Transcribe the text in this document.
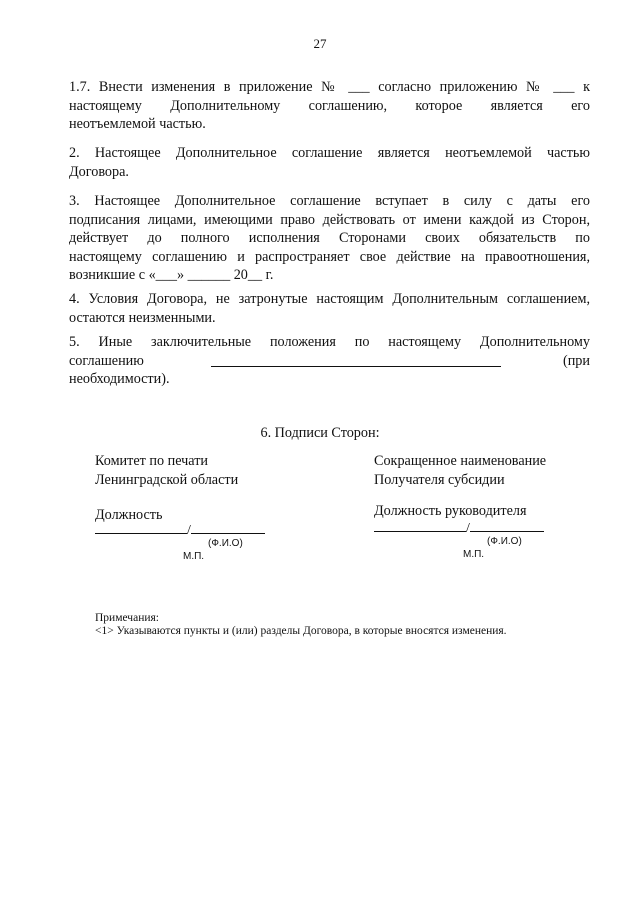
27
1.7. Внести изменения в приложение № ___ согласно приложению № ___ к
настоящему Дополнительному соглашению, которое является его
неотъемлемой частью.
2. Настоящее Дополнительное соглашение является неотъемлемой частью
Договора.
3. Настоящее Дополнительное соглашение вступает в силу с даты его
подписания лицами, имеющими право действовать от имени каждой из Сторон,
действует до полного исполнения Сторонами своих обязательств по
настоящему соглашению и распространяет свое действие на правоотношения,
возникшие с «___» ______ 20__ г.
4. Условия Договора, не затронутые настоящим Дополнительным соглашением,
остаются неизменными.
5. Иные заключительные положения по настоящему Дополнительному
соглашению	(при
необходимости).
6. Подписи Сторон:
Комитет по печати
Ленинградской области
Должность
/
(Ф.И.О)
М.П.
Сокращенное наименование
Получателя субсидии
Должность руководителя
/
(Ф.И.О)
М.П.
Примечания:
<1> Указываются пункты и (или) разделы Договора, в которые вносятся изменения.
